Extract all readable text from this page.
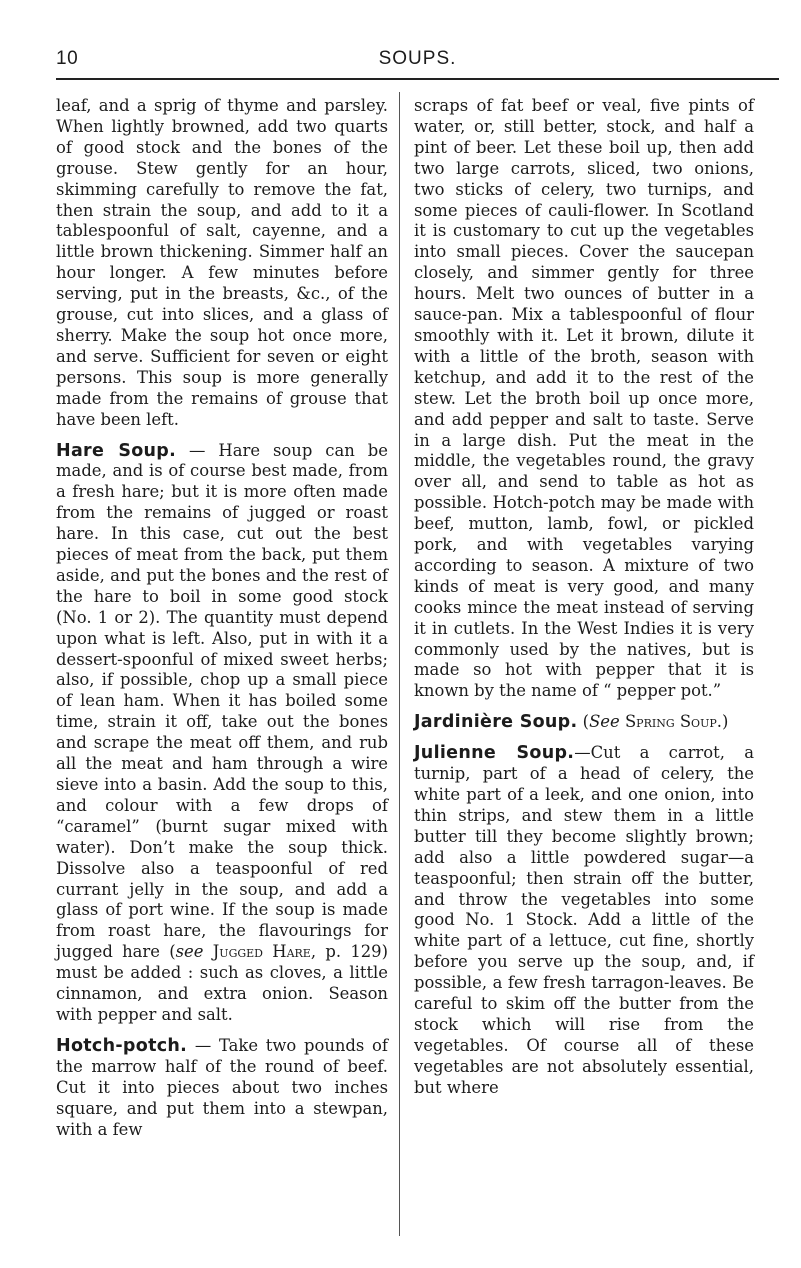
10	SOUPS.

leaf, and a sprig of thyme and parsley. When lightly browned, add two quarts of good stock and the bones of the grouse. Stew gently for an hour, skimming carefully to remove the fat, then strain the soup, and add to it a tablespoonful of salt, cayenne, and a little brown thickening. Simmer half an hour longer. A few minutes before serving, put in the breasts, &c., of the grouse, cut into slices, and a glass of sherry. Make the soup hot once more, and serve. Sufficient for seven or eight persons. This soup is more generally made from the remains of grouse that have been left.

Hare Soup. — Hare soup can be made, and is of course best made, from a fresh hare; but it is more often made from the remains of jugged or roast hare. In this case, cut out the best pieces of meat from the back, put them aside, and put the bones and the rest of the hare to boil in some good stock (No. 1 or 2). The quantity must depend upon what is left. Also, put in with it a dessert-spoonful of mixed sweet herbs; also, if possible, chop up a small piece of lean ham. When it has boiled some time, strain it off, take out the bones and scrape the meat off them, and rub all the meat and ham through a wire sieve into a basin. Add the soup to this, and colour with a few drops of “caramel” (burnt sugar mixed with water). Don’t make the soup thick. Dissolve also a teaspoonful of red currant jelly in the soup, and add a glass of port wine. If the soup is made from roast hare, the flavourings for jugged hare (see Jugged Hare, p. 129) must be added : such as cloves, a little cinnamon, and extra onion. Season with pepper and salt.

Hotch-potch. — Take two pounds of the marrow half of the round of beef. Cut it into pieces about two inches square, and put them into a stewpan, with a few

scraps of fat beef or veal, five pints of water, or, still better, stock, and half a pint of beer. Let these boil up, then add two large carrots, sliced, two onions, two sticks of celery, two turnips, and some pieces of cauli-flower. In Scotland it is customary to cut up the vegetables into small pieces. Cover the saucepan closely, and simmer gently for three hours. Melt two ounces of butter in a sauce-pan. Mix a tablespoonful of flour smoothly with it. Let it brown, dilute it with a little of the broth, season with ketchup, and add it to the rest of the stew. Let the broth boil up once more, and add pepper and salt to taste. Serve in a large dish. Put the meat in the middle, the vegetables round, the gravy over all, and send to table as hot as possible. Hotch-potch may be made with beef, mutton, lamb, fowl, or pickled pork, and with vegetables varying according to season. A mixture of two kinds of meat is very good, and many cooks mince the meat instead of serving it in cutlets. In the West Indies it is very commonly used by the natives, but is made so hot with pepper that it is known by the name of “ pepper pot.”

Jardinière Soup. (See Spring Soup.)

Julienne Soup.—Cut a carrot, a turnip, part of a head of celery, the white part of a leek, and one onion, into thin strips, and stew them in a little butter till they become slightly brown; add also a little powdered sugar—a teaspoonful; then strain off the butter, and throw the vegetables into some good No. 1 Stock. Add a little of the white part of a lettuce, cut fine, shortly before you serve up the soup, and, if possible, a few fresh tarragon-leaves. Be careful to skim off the butter from the stock which will rise from the vegetables. Of course all of these vegetables are not absolutely essential, but where
